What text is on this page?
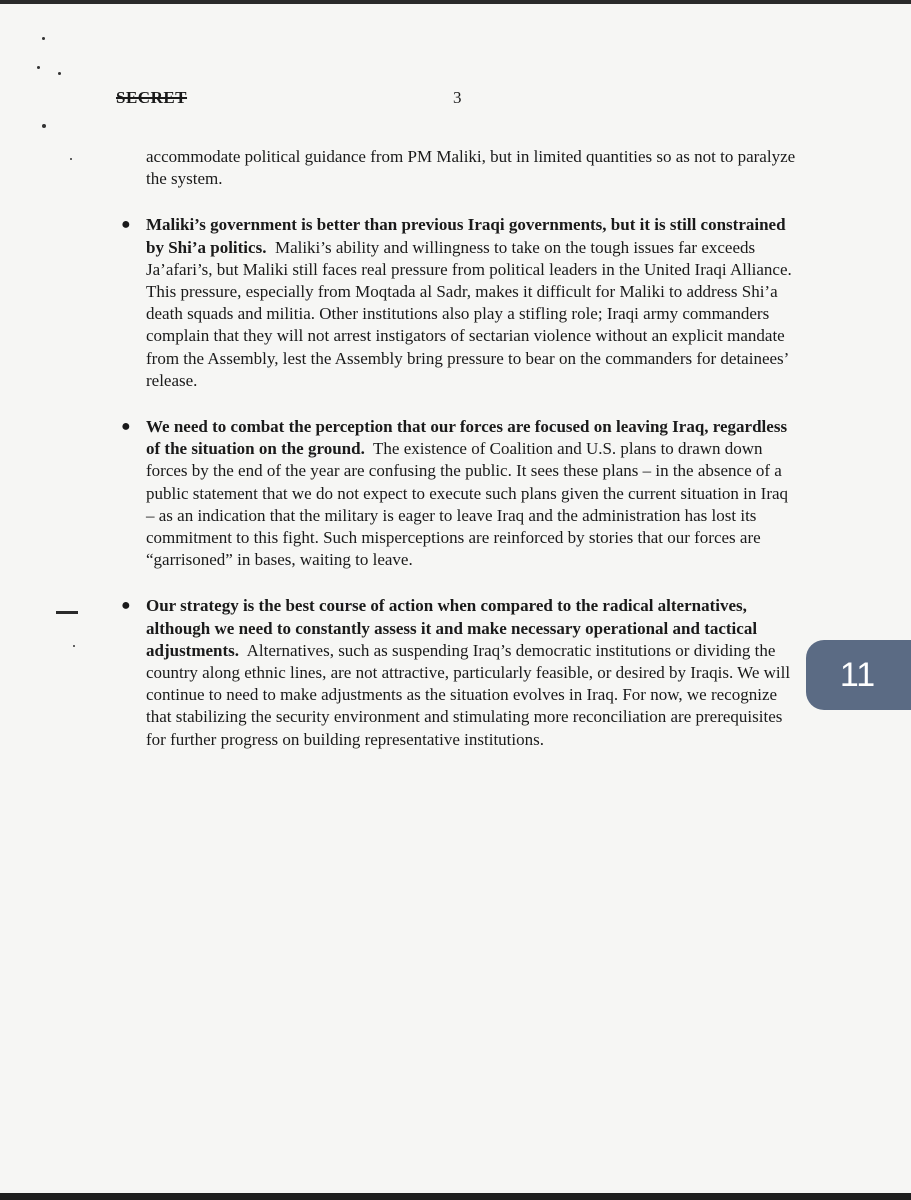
SECRET	3

accommodate political guidance from PM Maliki, but in limited quantities so as not to paralyze the system.

● Maliki’s government is better than previous Iraqi governments, but it is still constrained by Shi’a politics. Maliki’s ability and willingness to take on the tough issues far exceeds Ja’afari’s, but Maliki still faces real pressure from political leaders in the United Iraqi Alliance. This pressure, especially from Moqtada al Sadr, makes it difficult for Maliki to address Shi’a death squads and militia. Other institutions also play a stifling role; Iraqi army commanders complain that they will not arrest instigators of sectarian violence without an explicit mandate from the Assembly, lest the Assembly bring pressure to bear on the commanders for detainees’ release.
● We need to combat the perception that our forces are focused on leaving Iraq, regardless of the situation on the ground. The existence of Coalition and U.S. plans to drawn down forces by the end of the year are confusing the public. It sees these plans – in the absence of a public statement that we do not expect to execute such plans given the current situation in Iraq – as an indication that the military is eager to leave Iraq and the administration has lost its commitment to this fight. Such misperceptions are reinforced by stories that our forces are “garrisoned” in bases, waiting to leave.
● Our strategy is the best course of action when compared to the radical alternatives, although we need to constantly assess it and make necessary operational and tactical adjustments. Alternatives, such as suspending Iraq’s democratic institutions or dividing the country along ethnic lines, are not attractive, particularly feasible, or desired by Iraqis. We will continue to need to make adjustments as the situation evolves in Iraq. For now, we recognize that stabilizing the security environment and stimulating more reconciliation are prerequisites for further progress on building representative institutions.
11
